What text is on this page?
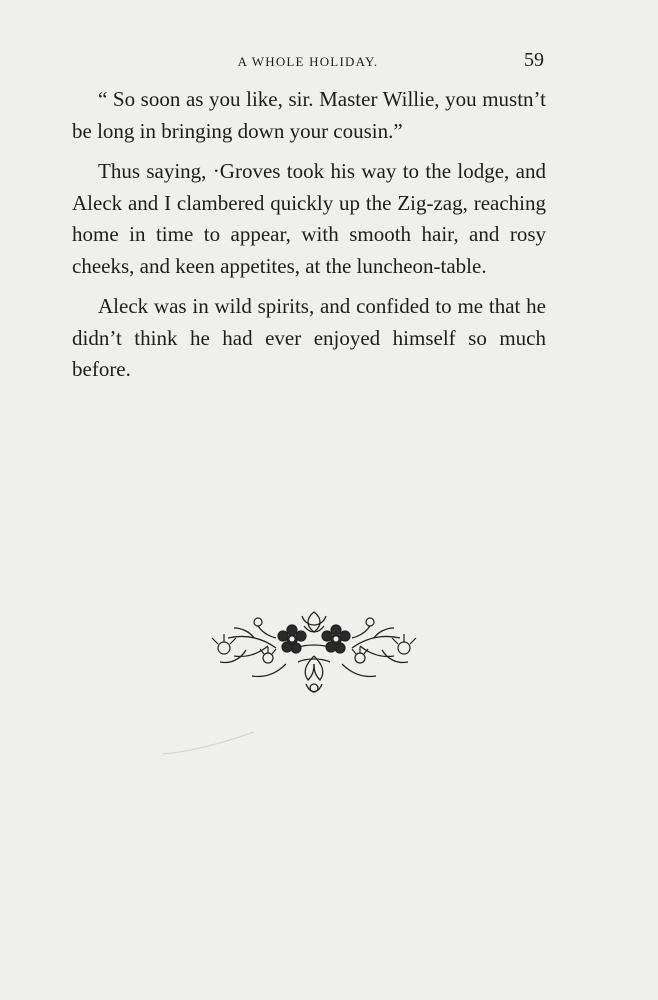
A WHOLE HOLIDAY.	59

“ So soon as you like, sir. Master Willie, you mustn’t be long in bringing down your cousin.”

Thus saying, ·Groves took his way to the lodge, and Aleck and I clambered quickly up the Zig-zag, reaching home in time to appear, with smooth hair, and rosy cheeks, and keen appetites, at the luncheon-table.

Aleck was in wild spirits, and confided to me that he didn’t think he had ever enjoyed himself so much before.
